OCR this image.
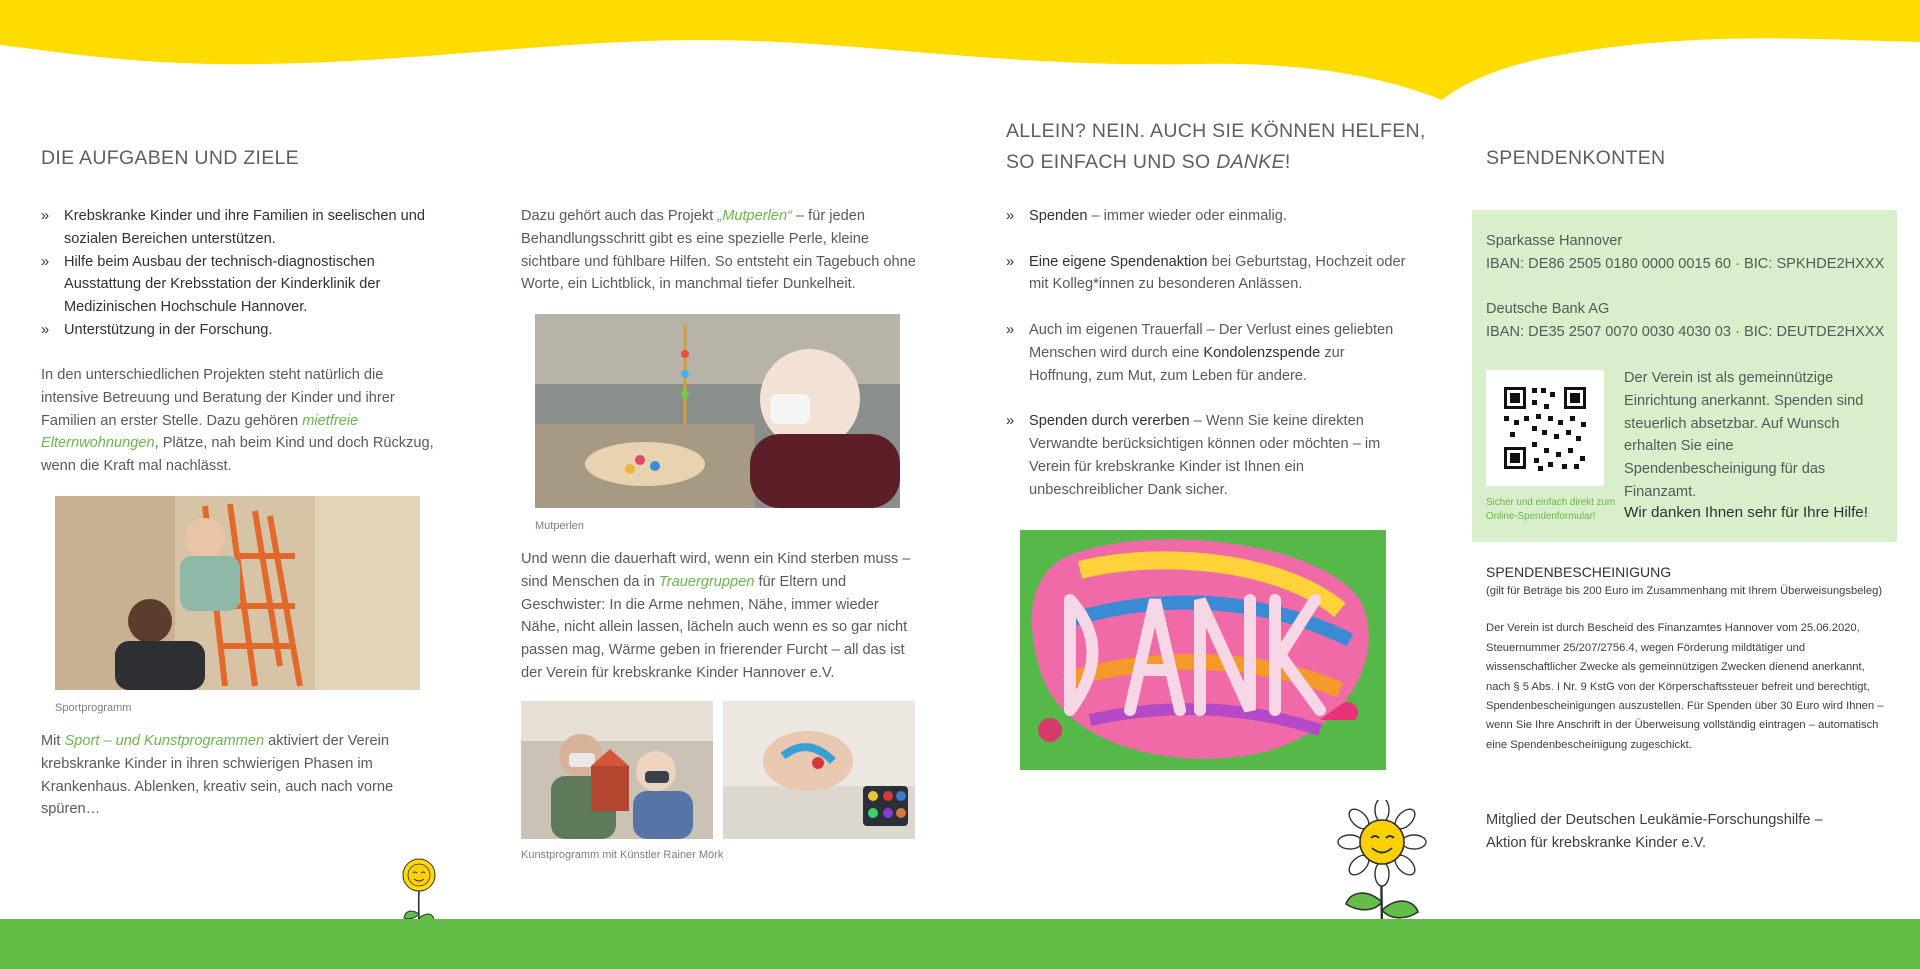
DIE AUFGABEN UND ZIELE
» Krebskranke Kinder und ihre Familien in seelischen und sozialen Bereichen unterstützen.
» Hilfe beim Ausbau der technisch-diagnostischen Ausstattung der Krebsstation der Kinderklinik der Medizinischen Hochschule Hannover.
» Unterstützung in der Forschung.

In den unterschiedlichen Projekten steht natürlich die intensive Betreuung und Beratung der Kinder und ihrer Familien an erster Stelle. Dazu gehören mietfreie Elternwohnungen, Plätze, nah beim Kind und doch Rückzug, wenn die Kraft mal nachlässt.

Sportprogramm

Mit Sport – und Kunstprogrammen aktiviert der Verein krebskranke Kinder in ihren schwierigen Phasen im Krankenhaus. Ablenken, kreativ sein, auch nach vorne spüren…

Dazu gehört auch das Projekt „Mutperlen“ – für jeden Behandlungsschritt gibt es eine spezielle Perle, kleine sichtbare und fühlbare Hilfen. So entsteht ein Tagebuch ohne Worte, ein Lichtblick, in manchmal tiefer Dunkelheit.

Mutperlen

Und wenn die dauerhaft wird, wenn ein Kind sterben muss – sind Menschen da in Trauergruppen für Eltern und Geschwister: In die Arme nehmen, Nähe, immer wieder Nähe, nicht allein lassen, lächeln auch wenn es so gar nicht passen mag, Wärme geben in frierender Furcht – all das ist der Verein für krebskranke Kinder Hannover e.V.

Kunstprogramm mit Künstler Rainer Mörk
ALLEIN? NEIN. AUCH SIE KÖNNEN HELFEN,
SO EINFACH UND SO DANKE!
» Spenden – immer wieder oder einmalig.
» Eine eigene Spendenaktion bei Geburtstag, Hochzeit oder mit Kolleg*innen zu besonderen Anlässen.
» Auch im eigenen Trauerfall – Der Verlust eines geliebten Menschen wird durch eine Kondolenzspende zur Hoffnung, zum Mut, zum Leben für andere.
» Spenden durch vererben – Wenn Sie keine direkten Verwandte berücksichtigen können oder möchten – im Verein für krebskranke Kinder ist Ihnen ein unbeschreiblicher Dank sicher.
SPENDENKONTEN

Sparkasse Hannover
IBAN: DE86 2505 0180 0000 0015 60 · BIC: SPKHDE2HXXX

Deutsche Bank AG
IBAN: DE35 2507 0070 0030 4030 03 · BIC: DEUTDE2HXXX

Sicher und einfach direkt zum Online-Spendenformular!

Der Verein ist als gemeinnützige Einrichtung anerkannt. Spenden sind steuerlich absetzbar. Auf Wunsch erhalten Sie eine Spendenbescheinigung für das Finanzamt.

Wir danken Ihnen sehr für Ihre Hilfe!

SPENDENBESCHEINIGUNG
(gilt für Beträge bis 200 Euro im Zusammenhang mit Ihrem Überweisungsbeleg)
Der Verein ist durch Bescheid des Finanzamtes Hannover vom 25.06.2020, Steuernummer 25/207/2756.4, wegen Förderung mildtätiger und wissenschaftlicher Zwecke als gemeinnützigen Zwecken dienend anerkannt, nach § 5 Abs. I Nr. 9 KstG von der Körperschaftssteuer befreit und berechtigt, Spendenbescheinigungen auszustellen. Für Spenden über 30 Euro wird Ihnen – wenn Sie Ihre Anschrift in der Überweisung vollständig eintragen – automatisch eine Spendenbescheinigung zugeschickt.

Mitglied der Deutschen Leukämie-Forschungshilfe –
Aktion für krebskranke Kinder e.V.
